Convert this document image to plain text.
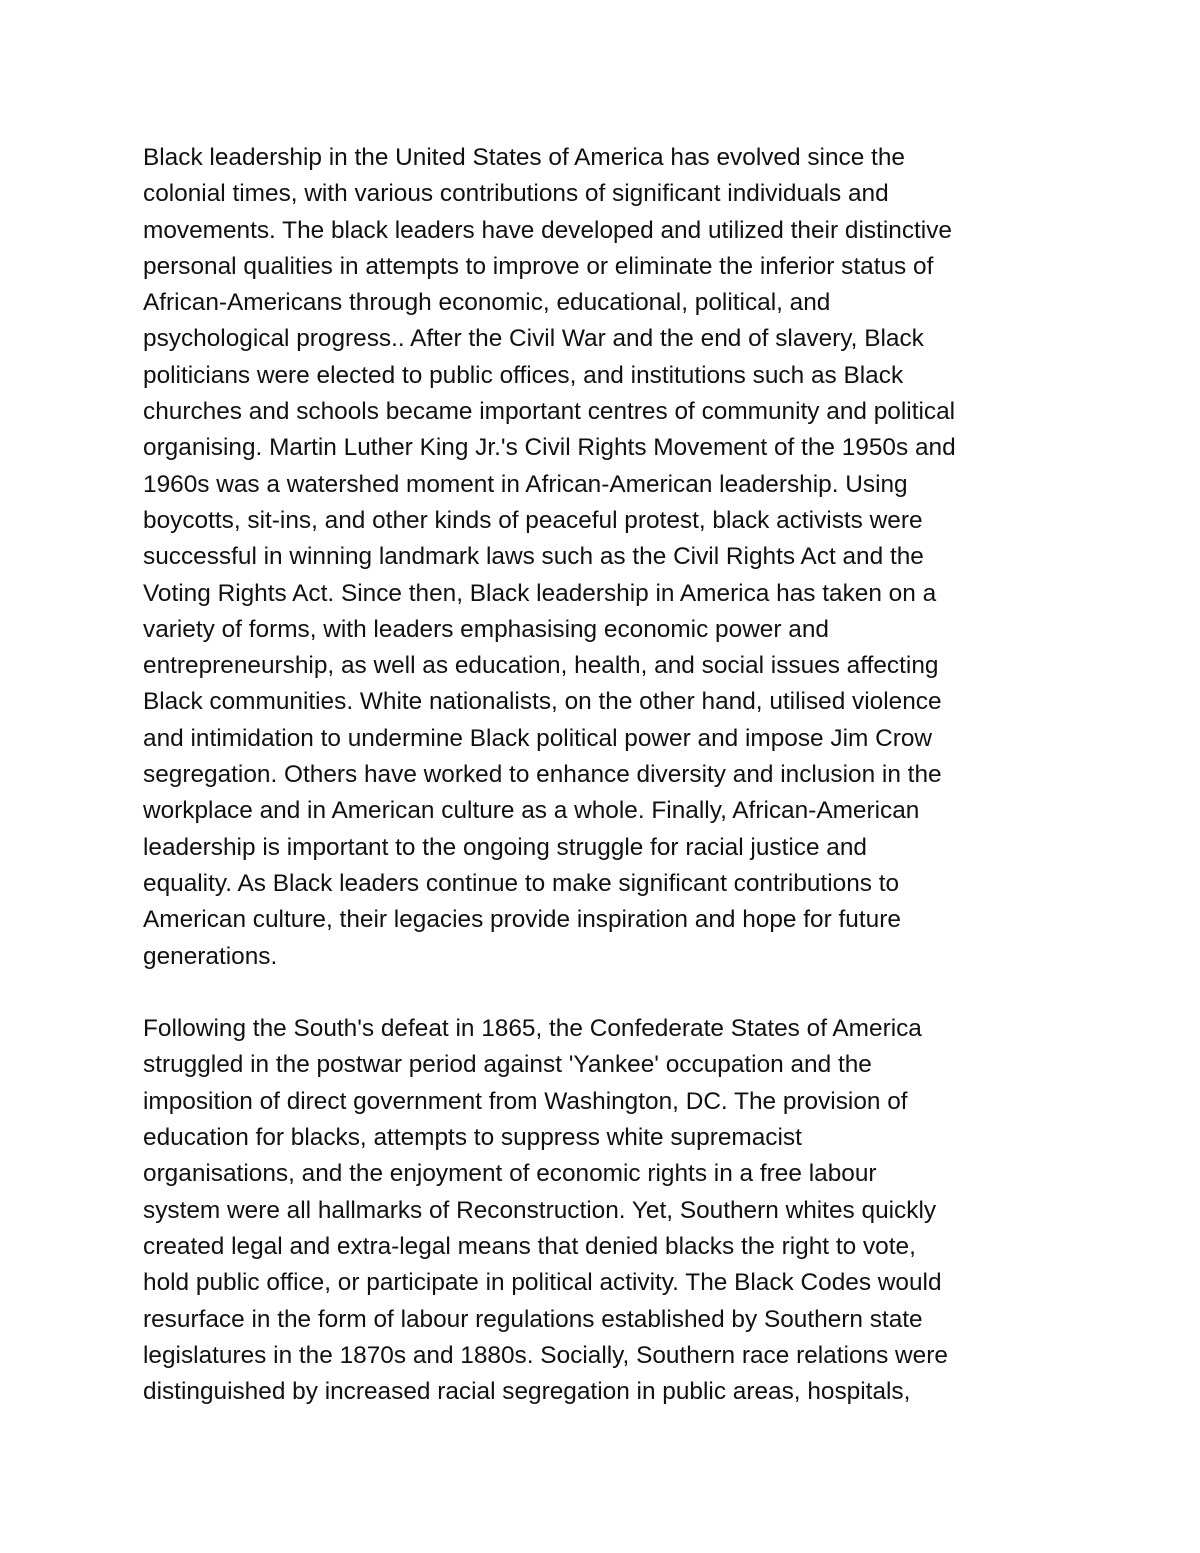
Black leadership in the United States of America has evolved since the
colonial times, with various contributions of significant individuals and
movements. The black leaders have developed and utilized their distinctive
personal qualities in attempts to improve or eliminate the inferior status of
African-Americans through economic, educational, political, and
psychological progress.. After the Civil War and the end of slavery, Black
politicians were elected to public offices, and institutions such as Black
churches and schools became important centres of community and political
organising. Martin Luther King Jr.'s Civil Rights Movement of the 1950s and
1960s was a watershed moment in African-American leadership. Using
boycotts, sit-ins, and other kinds of peaceful protest, black activists were
successful in winning landmark laws such as the Civil Rights Act and the
Voting Rights Act. Since then, Black leadership in America has taken on a
variety of forms, with leaders emphasising economic power and
entrepreneurship, as well as education, health, and social issues affecting
Black communities. White nationalists, on the other hand, utilised violence
and intimidation to undermine Black political power and impose Jim Crow
segregation. Others have worked to enhance diversity and inclusion in the
workplace and in American culture as a whole. Finally, African-American
leadership is important to the ongoing struggle for racial justice and
equality. As Black leaders continue to make significant contributions to
American culture, their legacies provide inspiration and hope for future
generations.

Following the South's defeat in 1865, the Confederate States of America
struggled in the postwar period against 'Yankee' occupation and the
imposition of direct government from Washington, DC. The provision of
education for blacks, attempts to suppress white supremacist
organisations, and the enjoyment of economic rights in a free labour
system were all hallmarks of Reconstruction. Yet, Southern whites quickly
created legal and extra-legal means that denied blacks the right to vote,
hold public office, or participate in political activity. The Black Codes would
resurface in the form of labour regulations established by Southern state
legislatures in the 1870s and 1880s. Socially, Southern race relations were
distinguished by increased racial segregation in public areas, hospitals,
